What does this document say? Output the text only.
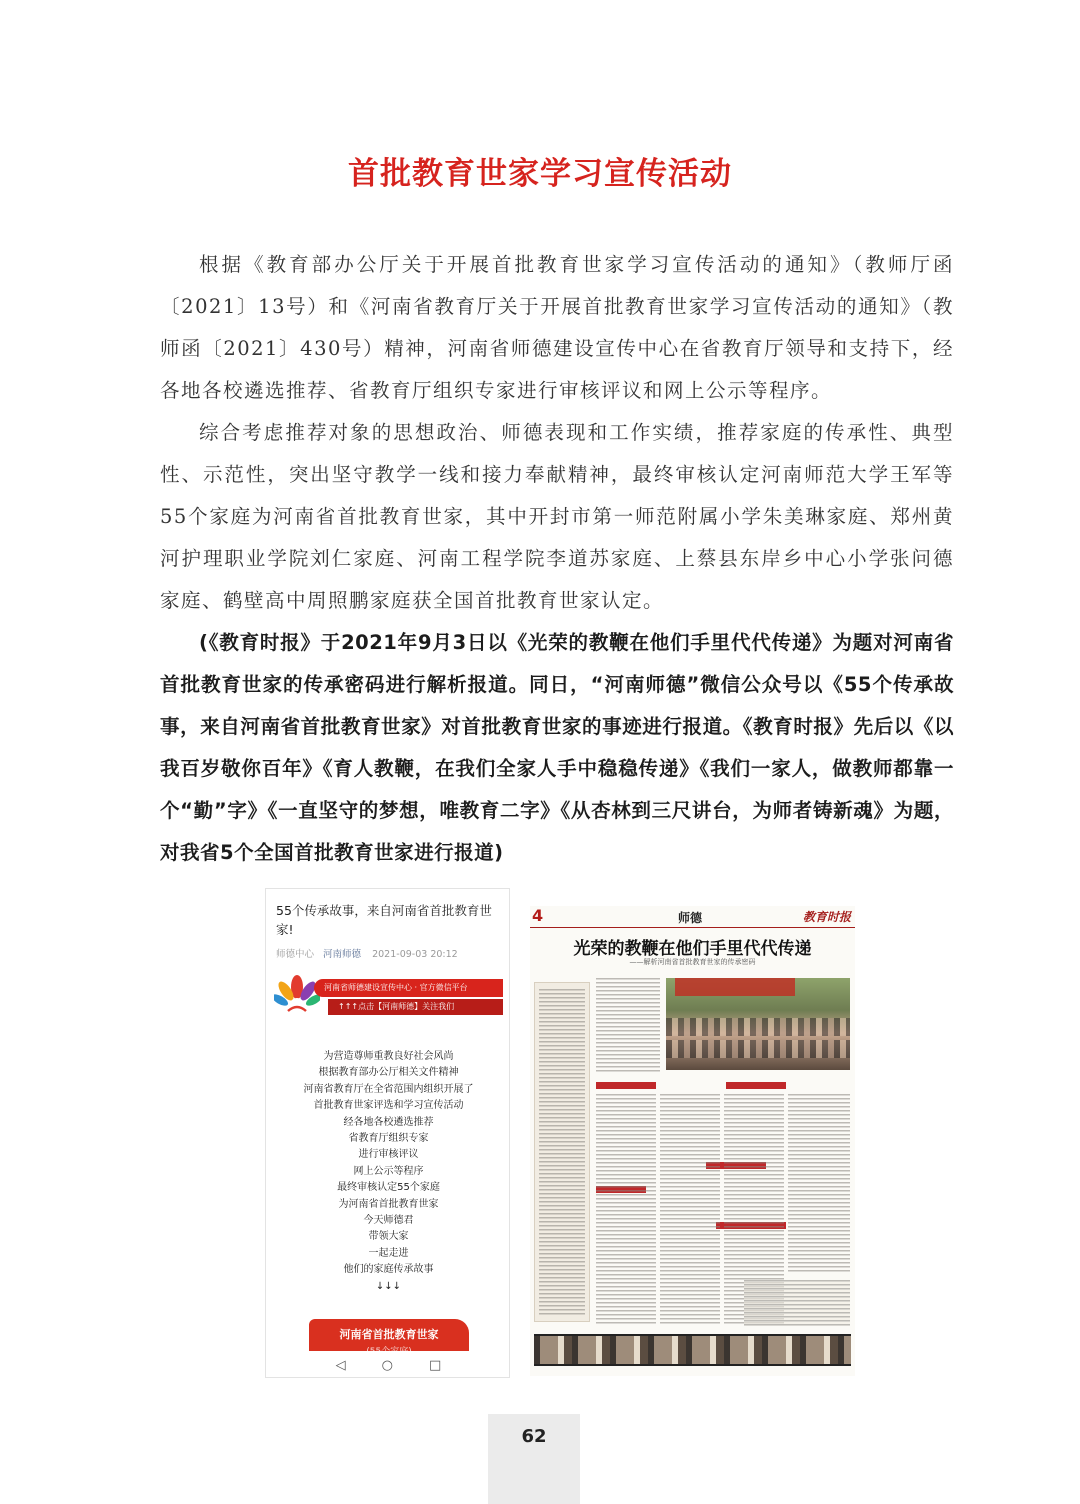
首批教育世家学习宣传活动

根据《教育部办公厅关于开展首批教育世家学习宣传活动的通知》（教师厅函〔2021〕13号）和《河南省教育厅关于开展首批教育世家学习宣传活动的通知》（教师函〔2021〕430号）精神，河南省师德建设宣传中心在省教育厅领导和支持下，经各地各校遴选推荐、省教育厅组织专家进行审核评议和网上公示等程序。

综合考虑推荐对象的思想政治、师德表现和工作实绩，推荐家庭的传承性、典型性、示范性，突出坚守教学一线和接力奉献精神，最终审核认定河南师范大学王军等55个家庭为河南省首批教育世家，其中开封市第一师范附属小学朱美琳家庭、郑州黄河护理职业学院刘仁家庭、河南工程学院李道苏家庭、上蔡县东岸乡中心小学张问德家庭、鹤壁高中周照鹏家庭获全国首批教育世家认定。

(《教育时报》于2021年9月3日以《光荣的教鞭在他们手里代代传递》为题对河南省首批教育世家的传承密码进行解析报道。同日，“河南师德”微信公众号以《55个传承故事，来自河南省首批教育世家》对首批教育世家的事迹进行报道。《教育时报》先后以《以我百岁敬你百年》《育人教鞭，在我们全家人手中稳稳传递》《我们一家人，做教师都靠一个“勤”字》《一直坚守的梦想，唯教育二字》《从杏林到三尺讲台，为师者铸新魂》为题，对我省5个全国首批教育世家进行报道)

55个传承故事，来自河南省首批教育世家!
师德中心 河南师德 2021-09-03 20:12
河南省师德建设宣传中心 · 官方微信平台
↑↑↑点击【河南师德】关注我们
为营造尊师重教良好社会风尚
根据教育部办公厅相关文件精神
河南省教育厅在全省范围内组织开展了
首批教育世家评选和学习宣传活动
经各地各校遴选推荐
省教育厅组织专家
进行审核评议
网上公示等程序
最终审核认定55个家庭
为河南省首批教育世家
今天师德君
带领大家
一起走进
他们的家庭传承故事
↓↓↓
河南省首批教育世家
◁	○	□
4	师德	教育时报
光荣的教鞭在他们手里代代传递
——解析河南省首批教育世家的传承密码
62
